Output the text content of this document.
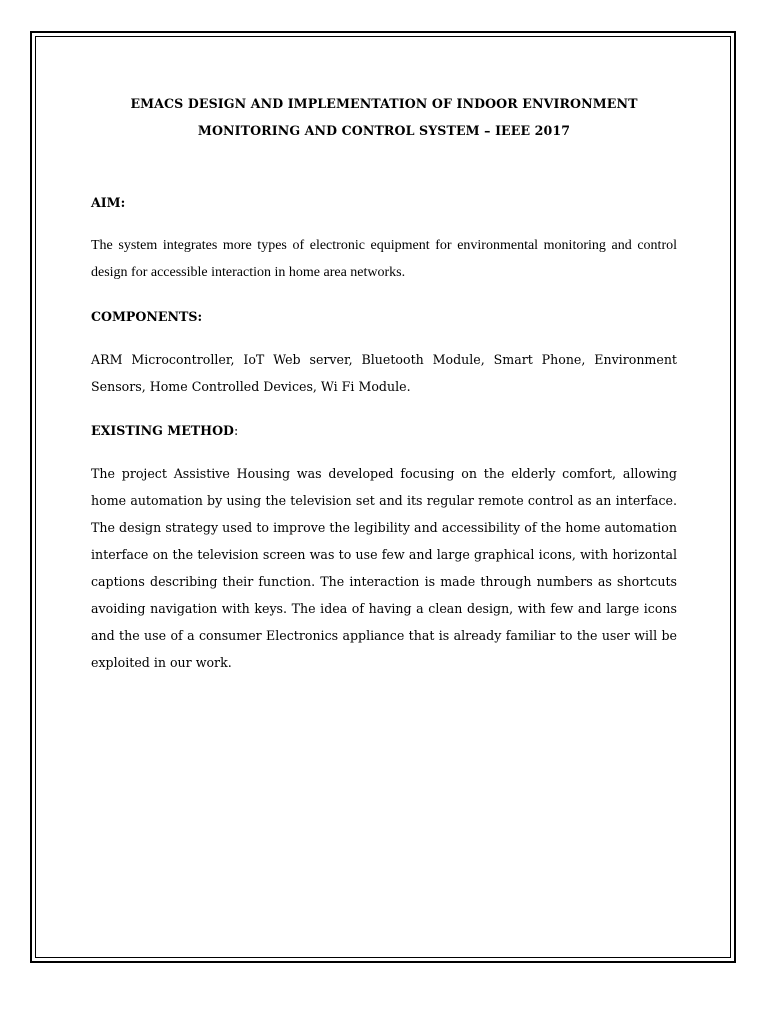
EMACS DESIGN AND IMPLEMENTATION OF INDOOR ENVIRONMENT MONITORING AND CONTROL SYSTEM – IEEE 2017

AIM:

The system integrates more types of electronic equipment for environmental monitoring and control design for accessible interaction in home area networks.

COMPONENTS:

ARM Microcontroller, IoT Web server, Bluetooth Module, Smart Phone, Environment Sensors, Home Controlled Devices, Wi Fi Module.

EXISTING METHOD:

The project Assistive Housing was developed focusing on the elderly comfort, allowing home automation by using the television set and its regular remote control as an interface. The design strategy used to improve the legibility and accessibility of the home automation interface on the television screen was to use few and large graphical icons, with horizontal captions describing their function. The interaction is made through numbers as shortcuts avoiding navigation with keys. The idea of having a clean design, with few and large icons and the use of a consumer Electronics appliance that is already familiar to the user will be exploited in our work.
